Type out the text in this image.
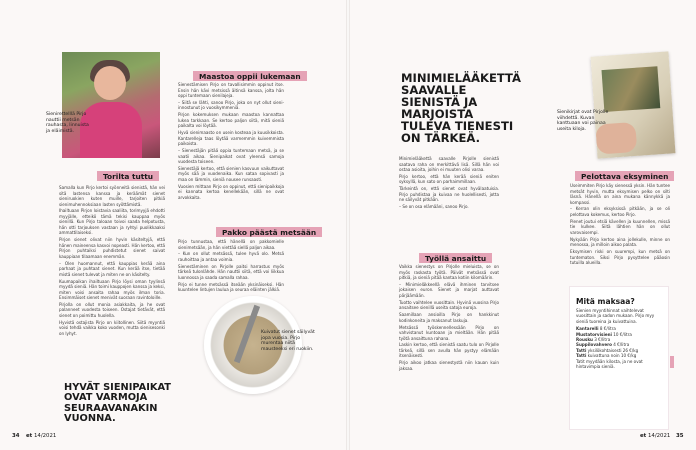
Sienirettelllä Pirjo nauttii metsän rauhasta, linnuista ja eläimistä.
Kuivatut sienet säilyvät jopa vuosia. Pirjo murentaa niitä mausteeksi eri ruokiin.
Sienikirjat ovat Pirjolle viihdettä. Kuvan kanttuaan voi painaa useita kiloja.
HYVÄT SIENIPAIKAT OVAT VARMOJA SEURAAVANAKIN VUONNA.
MINIMIELÄÄKETTÄ SAAVALLE SIENISTÄ JA MARJOISTA TULEVA TIENESTI ON TÄRKEÄ.
Torilta tuttu
Maastoa oppii lukemaan
Pakko päästä metsään
Työllä ansaittu
Pelottava eksyminen

Samalla kun Pirjo kertoi syönneitä sienistä, hän vei sitä lastensa kanssa ja keräämät sienet sieniruokien kuten muille, tarjoiten pitkiä sienimuhennoksiaan lasten syöttämistä.

Ihailtuaan Pirjon loistavia saaliita, torimyyjä ehdotti myyjälle, etteikö tämä tekisi kauppaa myös sienillä. Kun Pirjo taloaan toivoi saada helpotusta, hän otti tarjouksen vastaan ja ryhtyi puolikkaaksi ammattilaiseksi.

Pirjon sienet olivat niin hyvin käsiteltyjä, että hänen maineensa kasvoi nopeasti. Hän kertoo, että Pirjon puhtaiksi puhdistetut sienet saivat kauppiaan tilaamaan enemmän.

– Olen huomannut, että kauppias kerää aina parhaat ja puhtaat sienet. Kun kerää itse, tietää mistä sienet tulevat ja miten ne on käsitelty.

Kuumapaikan ihailtuaan Pirjo löysi oman tyylinsä myydä sieniä. Hän toimi kauppojen kanssa ja keksi, miten voisi ansaita rahaa myös ilman toria. Ensimmäiset sienet menivät suoraan ravintoloille.

Pirjolla on ollut monia asiakkaita, ja he ovat palanneet vuodesta toiseen. Ostajat tietävät, että sienet on poimittu huolella.

Hyvistä ostajista Pirjo on kiitollinen. Siitä myyntiä voisi tehdä vaikka koko vuoden, mutta sienisesonki on lyhyt.

Sienestämisen Pirjo on tavallisimmin oppinut itse. Ensin hän kävi metsissä äitinsä kanssa, jolta hän oppi tuntemaan sienilajeja.

– Siitä se lähti, sanoo Pirjo, joka on nyt ollut sieni-innostunut jo vuosikymmeniä.

Pirjon kokemuksen mukaan maastoa kannattaa lukea tarkkaan. Se kertoo paljon siitä, mitä sieniä paikalta voi löytää.

Hyvä sienimaasto on usein kosteaa ja kuusikkoista. Kantarelleja taas löytää varmemmin kuivemmista paikoista.

– Sienestäjän pitää oppia tuntemaan metsä, ja se vaatii aikaa. Sienipaikat ovat yleensä samoja vuodesta toiseen.

Sienestäjä kertoo, että sienien kasvuun vaikuttavat myös sää ja vuodenaika. Kun sataa sopivasti ja maa on lämmin, sieniä nousee runsaasti.

Vuosien mittaan Pirjo on oppinut, että sienipaikkoja ei kannata kertoa kenellekään, sillä ne ovat arvokkaita.

Pirjo tunnustaa, että hänellä on pakkomielle sienimetsään, ja hän viettää siellä paljon aikaa.

– Kun on ollut metsässä, tulee hyvä olo. Metsä rauhoittaa ja antaa voimia.

Sienestäminen on Pirjolle paitsi harrastus myös tärkeä tulonlähde. Hän nauttii siitä, että voi liikkua luonnossa ja saada samalla rahaa.

Pirjo ei tunne metsässä itseään yksinäiseksi. Hän kuuntelee lintujen laulua ja seuraa eläinten jälkiä.

Minimielääkettä saavalle Pirjolle sienistä saatava raha on merkittävä lisä. Sillä hän voi ostaa asioita, joihin ei muuten olisi varaa.

Pirjo kertoo, että hän kerää sieniä eniten syksyllä, kun sato on parhaimmillaan.

Tärkeintä on, että sienet ovat hyvälaatuisia. Pirjo puhdistaa ja kuivaa ne huolellisesti, jotta ne säilyvät pitkään.

– Se on osa elämääni, sanoo Pirjo.

Vaikka sienestys on Pirjolle mieluista, se on myös raskasta työtä. Päivät metsässä ovat pitkiä, ja sieniä pitää kantaa kotiin kilomäärin.

– Minimieläkkeellä elävä ihminen tarvitsee jokaisen euron. Sienet ja marjat auttavat pärjäämään.

Tuotto vaihtelee vuosittain. Hyvinä vuosina Pirjo ansaitsee sienillä useita satoja euroja.

Saamillaan ansioilla Pirjo on hankkinut kodinkoneita ja maksanut laskuja.

Metsässä työskennellessään Pirjo on vahvistanut kuntoaan ja mieltään. Hän pitää työtä ansaittuna rahana.

Laskin kertoo, että sienistä saatu tulo on Pirjolle tärkeä, sillä sen avulla hän pystyy elämään itsenäisesti.

Pirjo aikoo jatkaa sienestystä niin kauan kuin jaksaa.

Useimmiten Pirjo käy sienessä yksin. Hän tuntee metsät hyvin, mutta eksymisen pelko on silti läsnä. Hänellä on aina mukana kännykkä ja kompassi.

– Kerran olin eksyksissä pitkään, ja se oli pelottava kokemus, kertoo Pirjo.

Pienet joutui etsiä kävellen ja kuunnellen, missä tie kulkee. Siitä lähtien hän on ollut varovaisempi.

Nykyään Pirjo kertoo aina jollekulle, minne on menossa, ja milloin aikoo palata.

Eksymisen riski on suurempi, kun metsä on tuntematon. Siksi Pirjo pysyttelee pääosin tutuilla alueilla.

Mitä maksaa?
Sienien myyntihinnat vaihtelevat vuosittain ja sadon mukaan. Pirjo myy sieniä tuoreina ja kuivattuina.
Kantarelli 8 €/litra
Mustatorvisieni 10 €/litra
Rousku 3 €/litra
Suppilovahvero 4 €/litra
Tatti yksilökohtaisesti 26 €/kg
Tatti kuivattuna noin 10 €/kg
Tatit myydään kilosta, ja ne ovat hintavimpia sieniä.
34 et 14/2021	et 14/2021 35
